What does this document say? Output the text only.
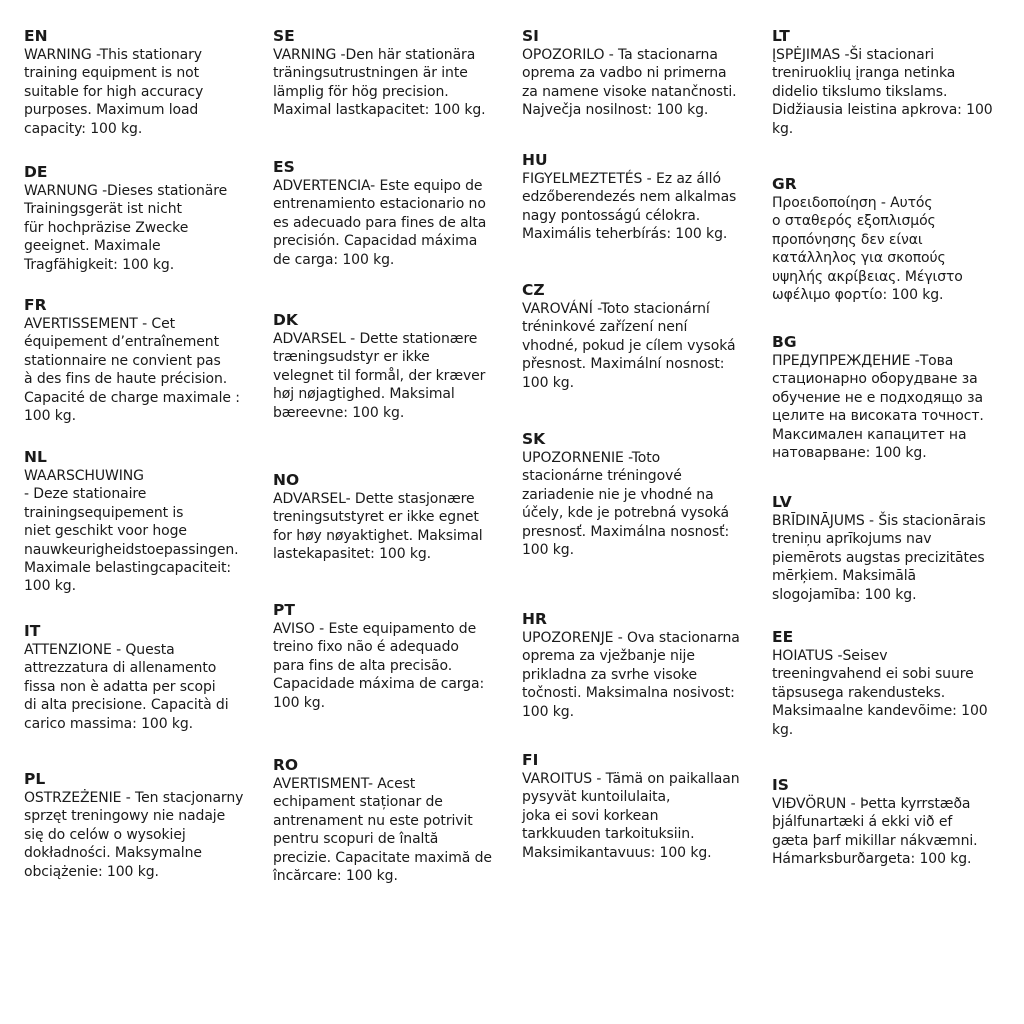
EN
WARNING -This stationary
training equipment is not
suitable for high accuracy
purposes. Maximum load
capacity: 100 kg.
DE
WARNUNG -Dieses stationäre
Trainingsgerät ist nicht
für hochpräzise Zwecke
geeignet. Maximale
Tragfähigkeit: 100 kg.
FR
AVERTISSEMENT - Cet
équipement d’entraînement
stationnaire ne convient pas
à des fins de haute précision.
Capacité de charge maximale :
100 kg.
NL
WAARSCHUWING
- Deze stationaire
trainingsequipement is
niet geschikt voor hoge
nauwkeurigheidstoepassingen.
Maximale belastingcapaciteit:
100 kg.
IT
ATTENZIONE - Questa
attrezzatura di allenamento
fissa non è adatta per scopi
di alta precisione. Capacità di
carico massima: 100 kg.
PL
OSTRZEŻENIE - Ten stacjonarny
sprzęt treningowy nie nadaje
się do celów o wysokiej
dokładności. Maksymalne
obciążenie: 100 kg.
SE
VARNING -Den här stationära
träningsutrustningen är inte
lämplig för hög precision.
Maximal lastkapacitet: 100 kg.
ES
ADVERTENCIA- Este equipo de
entrenamiento estacionario no
es adecuado para fines de alta
precisión. Capacidad máxima
de carga: 100 kg.
DK
ADVARSEL - Dette stationære
træningsudstyr er ikke
velegnet til formål, der kræver
høj nøjagtighed. Maksimal
bæreevne: 100 kg.
NO
ADVARSEL- Dette stasjonære
treningsutstyret er ikke egnet
for høy nøyaktighet. Maksimal
lastekapasitet: 100 kg.
PT
AVISO - Este equipamento de
treino fixo não é adequado
para fins de alta precisão.
Capacidade máxima de carga:
100 kg.
RO
AVERTISMENT- Acest
echipament staționar de
antrenament nu este potrivit
pentru scopuri de înaltă
precizie. Capacitate maximă de
încărcare: 100 kg.
SI
OPOZORILO - Ta stacionarna
oprema za vadbo ni primerna
za namene visoke natančnosti.
Največja nosilnost: 100 kg.
HU
FIGYELMEZTETÉS - Ez az álló
edzőberendezés nem alkalmas
nagy pontosságú célokra.
Maximális teherbírás: 100 kg.
CZ
VAROVÁNÍ -Toto stacionární
tréninkové zařízení není
vhodné, pokud je cílem vysoká
přesnost. Maximální nosnost:
100 kg.
SK
UPOZORNENIE -Toto
stacionárne tréningové
zariadenie nie je vhodné na
účely, kde je potrebná vysoká
presnosť. Maximálna nosnosť:
100 kg.
HR
UPOZORENJE - Ova stacionarna
oprema za vježbanje nije
prikladna za svrhe visoke
točnosti. Maksimalna nosivost:
100 kg.
FI
VAROITUS - Tämä on paikallaan
pysyvät kuntoilulaita,
joka ei sovi korkean
tarkkuuden tarkoituksiin.
Maksimikantavuus: 100 kg.
LT
ĮSPĖJIMAS -Ši stacionari
treniruoklių įranga netinka
didelio tikslumo tikslams.
Didžiausia leistina apkrova: 100
kg.
GR
Προειδοποίηση - Αυτός
ο σταθερός εξοπλισμός
προπόνησης δεν είναι
κατάλληλος για σκοπούς
υψηλής ακρίβειας. Μέγιστο
ωφέλιμο φορτίο: 100 kg.
BG
ПРЕДУПРЕЖДЕНИЕ -Това
стационарно оборудване за
обучение не е подходящо за
целите на високата точност.
Максимален капацитет на
натоварване: 100 kg.
LV
BRĪDINĀJUMS - Šis stacionārais
treniņu aprīkojums nav
piemērots augstas precizitātes
mērķiem. Maksimālā
slogojamība: 100 kg.
EE
HOIATUS -Seisev
treeningvahend ei sobi suure
täpsusega rakendusteks.
Maksimaalne kandevõime: 100
kg.
IS
VIÐVÖRUN - Þetta kyrrstæða
þjálfunartæki á ekki við ef
gæta þarf mikillar nákvæmni.
Hámarksburðargeta: 100 kg.
